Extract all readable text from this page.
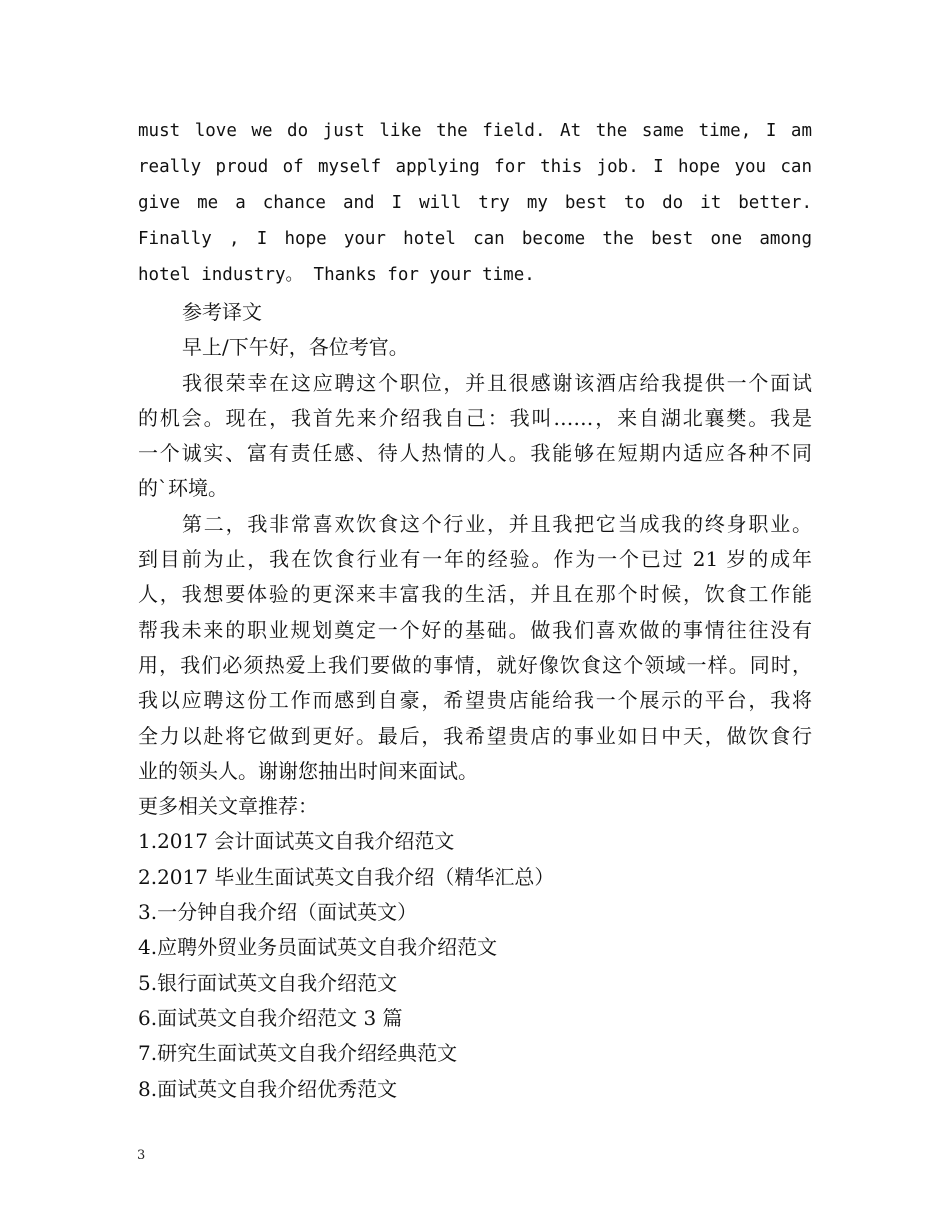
must love we do just like the field. At the same time, I am
really proud of myself applying for this job. I hope you can
give me a chance and I will try my best to do it better.
Finally , I hope your hotel can become the best one among
hotel industry。 Thanks for your time.
参考译文
早上/下午好，各位考官。
我很荣幸在这应聘这个职位，并且很感谢该酒店给我提供一个面试
的机会。现在，我首先来介绍我自己：我叫……，来自湖北襄樊。我是
一个诚实、富有责任感、待人热情的人。我能够在短期内适应各种不同
的`环境。
第二，我非常喜欢饮食这个行业，并且我把它当成我的终身职业。
到目前为止，我在饮食行业有一年的经验。作为一个已过 21 岁的成年
人，我想要体验的更深来丰富我的生活，并且在那个时候，饮食工作能
帮我未来的职业规划奠定一个好的基础。做我们喜欢做的事情往往没有
用，我们必须热爱上我们要做的事情，就好像饮食这个领域一样。同时，
我以应聘这份工作而感到自豪，希望贵店能给我一个展示的平台，我将
全力以赴将它做到更好。最后，我希望贵店的事业如日中天，做饮食行
业的领头人。谢谢您抽出时间来面试。
更多相关文章推荐：
1.2017 会计面试英文自我介绍范文
2.2017 毕业生面试英文自我介绍（精华汇总）
3.一分钟自我介绍（面试英文）
4.应聘外贸业务员面试英文自我介绍范文
5.银行面试英文自我介绍范文
6.面试英文自我介绍范文 3 篇
7.研究生面试英文自我介绍经典范文
8.面试英文自我介绍优秀范文
3
